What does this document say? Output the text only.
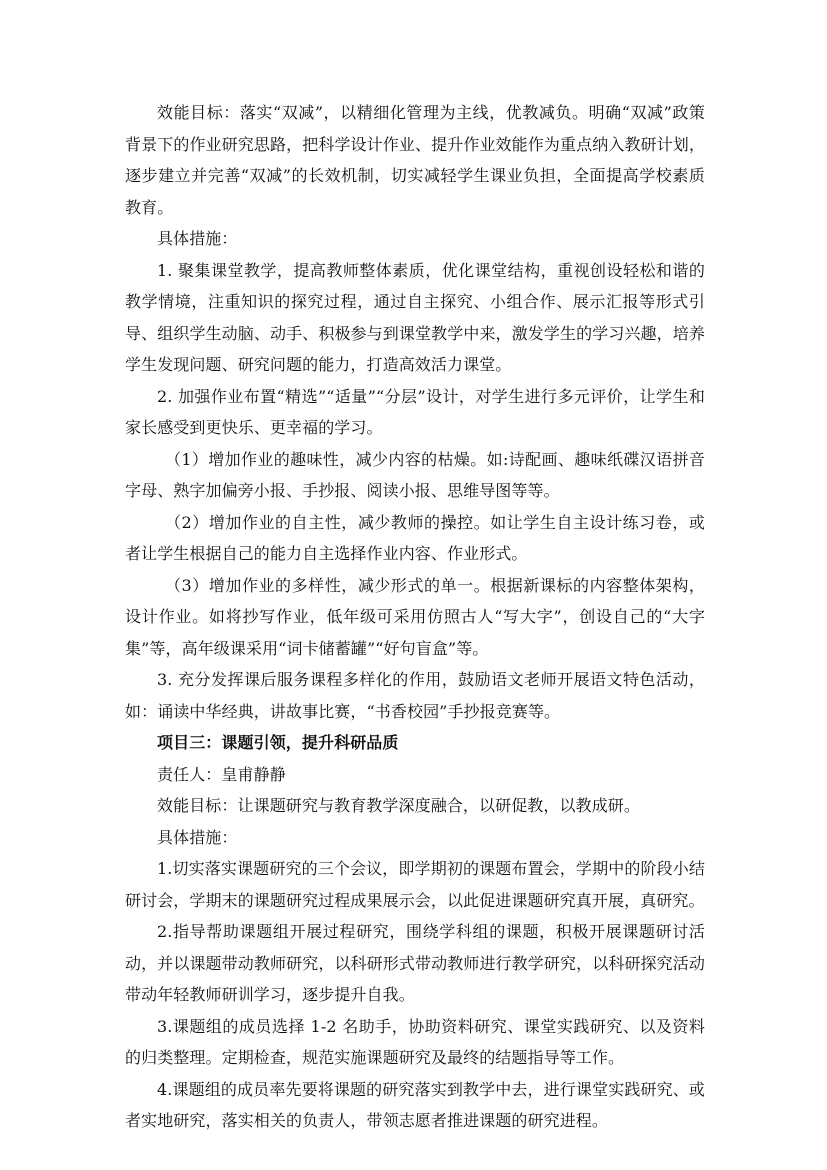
效能目标：落实“双减”，以精细化管理为主线，优教减负。明确“双减”政策背景下的作业研究思路，把科学设计作业、提升作业效能作为重点纳入教研计划，逐步建立并完善“双减”的长效机制，切实减轻学生课业负担，全面提高学校素质教育。

具体措施：

1. 聚集课堂教学，提高教师整体素质，优化课堂结构，重视创设轻松和谐的教学情境，注重知识的探究过程，通过自主探究、小组合作、展示汇报等形式引导、组织学生动脑、动手、积极参与到课堂教学中来，激发学生的学习兴趣，培养学生发现问题、研究问题的能力，打造高效活力课堂。

2. 加强作业布置“精选”“适量”“分层”设计，对学生进行多元评价，让学生和家长感受到更快乐、更幸福的学习。

（1）增加作业的趣味性，减少内容的枯燥。如:诗配画、趣味纸碟汉语拼音字母、熟字加偏旁小报、手抄报、阅读小报、思维导图等等。

（2）增加作业的自主性，减少教师的操控。如让学生自主设计练习卷，或者让学生根据自己的能力自主选择作业内容、作业形式。

（3）增加作业的多样性，减少形式的单一。根据新课标的内容整体架构，设计作业。如将抄写作业，低年级可采用仿照古人“写大字”，创设自己的“大字集”等，高年级课采用“词卡储蓄罐”“好句盲盒”等。

3. 充分发挥课后服务课程多样化的作用，鼓励语文老师开展语文特色活动，如：诵读中华经典，讲故事比赛，“书香校园”手抄报竞赛等。

项目三：课题引领，提升科研品质

责任人：皇甫静静

效能目标：让课题研究与教育教学深度融合，以研促教，以教成研。

具体措施：

1.切实落实课题研究的三个会议，即学期初的课题布置会，学期中的阶段小结研讨会，学期末的课题研究过程成果展示会，以此促进课题研究真开展，真研究。

2.指导帮助课题组开展过程研究，围绕学科组的课题，积极开展课题研讨活动，并以课题带动教师研究，以科研形式带动教师进行教学研究，以科研探究活动带动年轻教师研训学习，逐步提升自我。

3.课题组的成员选择 1-2 名助手，协助资料研究、课堂实践研究、以及资料的归类整理。定期检查，规范实施课题研究及最终的结题指导等工作。

4.课题组的成员率先要将课题的研究落实到教学中去，进行课堂实践研究、或者实地研究，落实相关的负责人，带领志愿者推进课题的研究进程。
